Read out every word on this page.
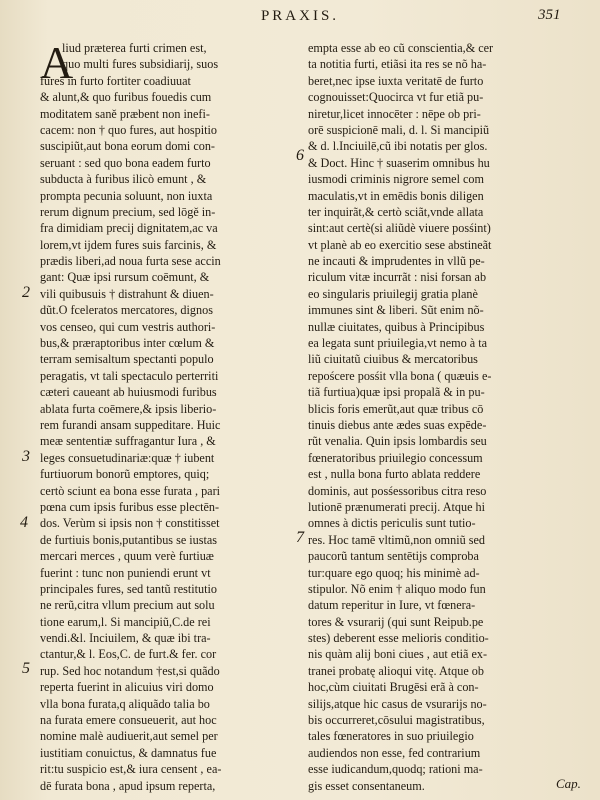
PRAXIS.	351
A
liud præterea furti crimen est,
quo multi fures subsidiarij, suos
fures in furto fortiter coadiuuat
& alunt,& quo furibus fouedis cum
moditatem saně præbent non inefi-
cacem: non † quo fures, aut hospitio
suscipiũt,aut bona eorum domi con-
seruant : sed quo bona eadem furto
subducta à furibus ilicò emunt , &
prompta pecunia soluunt, non iuxta
rerum dignum precium, sed lōgě in-
fra dimidiam precij dignitatem,ac va
lorem,vt ijdem fures suis farcinis, &
prædis liberi,ad noua furta sese accin
gant: Quæ ipsi rursum coēmunt, &
vili quibusuis † distrahunt & diuen-
dũt.O fceleratos mercatores, dignos
vos censeo, qui cum vestris authori-
bus,& præraptoribus inter cœlum &
terram semisaltum spectanti populo
peragatis, vt tali spectaculo perterriti
cæteri caueant ab huiusmodi furibus
ablata furta coēmere,& ipsis liberio-
rem furandi ansam suppeditare. Huic
meæ sententiæ suffragantur Iura , &
leges consuetudinariæ:quæ † iubent
furtiuorum bonorũ emptores, quiq;
certò sciunt ea bona esse furata , pari
pœna cum ipsis furibus esse plectēn-
dos. Verùm si ipsis non † constitisset
de furtiuis bonis,putantibus se iustas
mercari merces , quum verè furtiuæ
fuerint : tunc non puniendi erunt vt
principales fures, sed tantũ restitutio
ne rerũ,citra vllum precium aut solu
tione earum,l. Si mancipiũ,C.de rei
vendi.&l. Inciuilem, & quæ ibi tra-
ctantur,& l. Eos,C. de furt.& fer. cor
rup. Sed hoc notandum †est,si quãdo
reperta fuerint in alicuius viri domo
vlla bona furata,q aliquãdo talia bo
na furata emere consueuerit, aut hoc
nomine malè audiuerit,aut semel per
iustitiam conuictus, & damnatus fue
rit:tu suspicio est,& iura censent , ea-
dē furata bona , apud ipsum reperta,
empta esse ab eo cũ conscientia,& cer
ta notitia furti, etiãsi ita res se nõ ha-
beret,nec ipse iuxta veritatē de furto
cognouisset:Quocirca vt fur etiã pu-
niretur,licet innocēter : nēpe ob pri-
orē suspicionē mali, d. l. Si mancipiũ
& d. l.Inciuilē,cũ ibi notatis per glos.
& Doct. Hinc † suaserim omnibus hu
iusmodi criminis nigrore semel com
maculatis,vt in emēdis bonis diligen
ter inquirãt,& certò sciãt,vnde allata
sint:aut certè(si aliũdè viuere posśint)
vt planè ab eo exercitio sese abstineãt
ne incauti & imprudentes in vllũ pe-
riculum vitæ incurrãt : nisi forsan ab
eo singularis priuilegij gratia planè
immunes sint & liberi. Sũt enim nõ-
nullæ ciuitates, quibus à Principibus
ea legata sunt priuilegia,vt nemo à ta
liũ ciuitatũ ciuibus & mercatoribus
repoścere posśit vlla bona ( quæuis e-
tiã furtiua)quæ ipsi propalã & in pu-
blicis foris emerũt,aut quæ tribus cō
tinuis diebus ante ædes suas expēde-
rũt venalia. Quin ipsis lombardis seu
fœneratoribus priuilegio concessum
est , nulla bona furto ablata reddere
dominis, aut posśessoribus citra reso
lutionē prænumerati precij. Atque hi
omnes à dictis periculis sunt tutio-
res. Hoc tamē vltimũ,non omniũ sed
paucorũ tantum sentētijs comproba
tur:quare ego quoq; his minimè ad-
stipulor. Nõ enim † aliquo modo fun
datum reperitur in Iure, vt fœnera-
tores & vsurarij (qui sunt Reipub.pe
stes) deberent esse melioris conditio-
nis quàm alij boni ciues , aut etiã ex-
tranei probatę alioqui vitę. Atque ob
hoc,cùm ciuitati Brugēsi erã à con-
silijs,atque hic casus de vsurarijs no-
bis occurreret,cōsului magistratibus,
tales fœneratores in suo priuilegio
audiendos non esse, fed contrarium
esse iudicandum,quodq; rationi ma-
gis esset consentaneum.
2
3
4
5
6
7
Cap.
